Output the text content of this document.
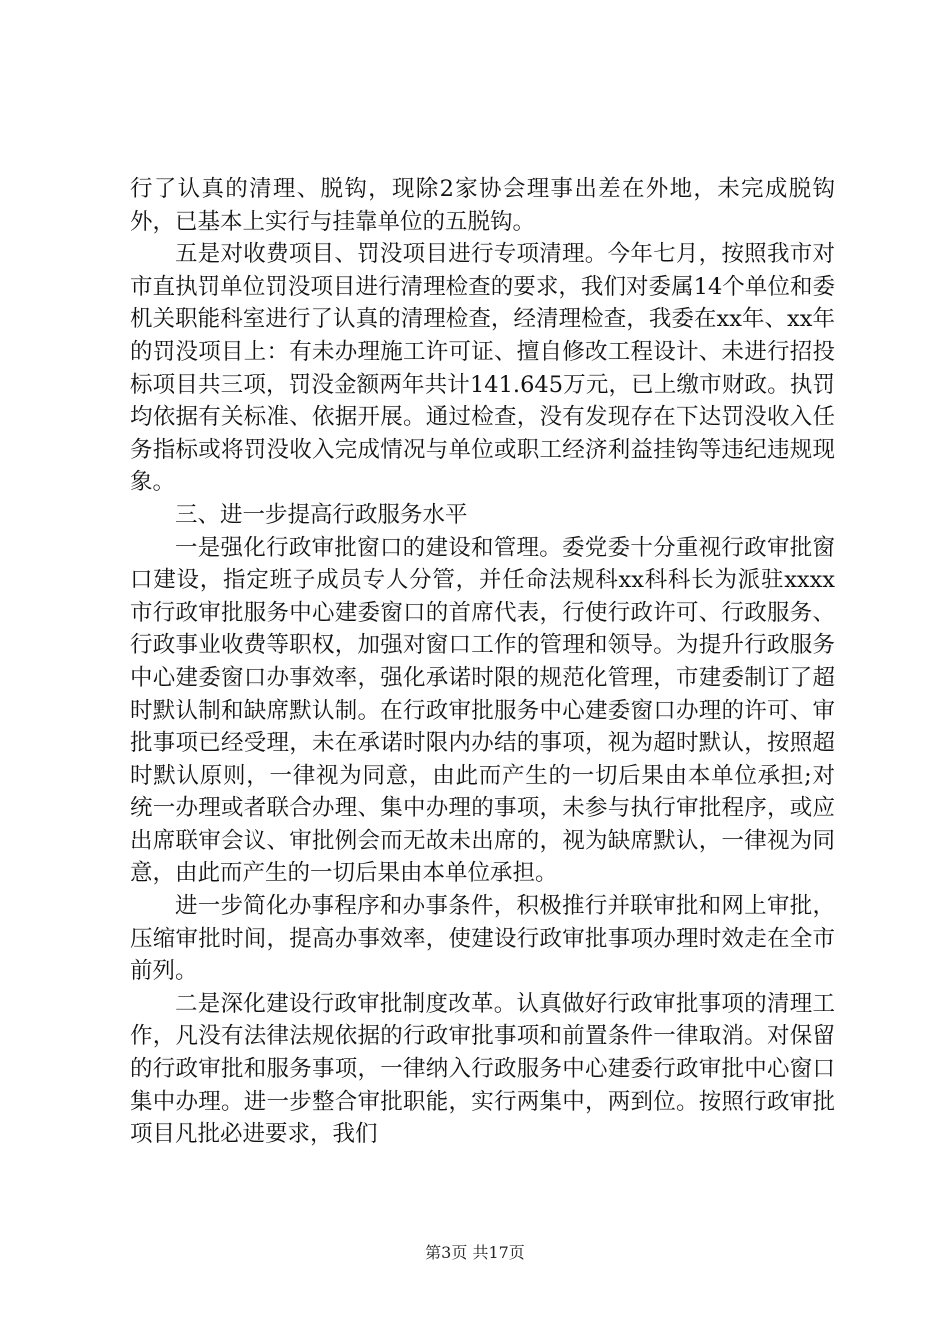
行了认真的清理、脱钩，现除2家协会理事出差在外地，未完成脱钩外，已基本上实行与挂靠单位的五脱钩。

五是对收费项目、罚没项目进行专项清理。今年七月，按照我市对市直执罚单位罚没项目进行清理检查的要求，我们对委属14个单位和委机关职能科室进行了认真的清理检查，经清理检查，我委在xx年、xx年的罚没项目上：有未办理施工许可证、擅自修改工程设计、未进行招投标项目共三项，罚没金额两年共计141.645万元，已上缴市财政。执罚均依据有关标准、依据开展。通过检查，没有发现存在下达罚没收入任务指标或将罚没收入完成情况与单位或职工经济利益挂钩等违纪违规现象。

三、进一步提高行政服务水平

一是强化行政审批窗口的建设和管理。委党委十分重视行政审批窗口建设，指定班子成员专人分管，并任命法规科xx科科长为派驻xxxx市行政审批服务中心建委窗口的首席代表，行使行政许可、行政服务、行政事业收费等职权，加强对窗口工作的管理和领导。为提升行政服务中心建委窗口办事效率，强化承诺时限的规范化管理，市建委制订了超时默认制和缺席默认制。在行政审批服务中心建委窗口办理的许可、审批事项已经受理，未在承诺时限内办结的事项，视为超时默认，按照超时默认原则，一律视为同意，由此而产生的一切后果由本单位承担;对统一办理或者联合办理、集中办理的事项，未参与执行审批程序，或应出席联审会议、审批例会而无故未出席的，视为缺席默认，一律视为同意，由此而产生的一切后果由本单位承担。

进一步简化办事程序和办事条件，积极推行并联审批和网上审批，压缩审批时间，提高办事效率，使建设行政审批事项办理时效走在全市前列。

二是深化建设行政审批制度改革。认真做好行政审批事项的清理工作，凡没有法律法规依据的行政审批事项和前置条件一律取消。对保留的行政审批和服务事项，一律纳入行政服务中心建委行政审批中心窗口集中办理。进一步整合审批职能，实行两集中，两到位。按照行政审批项目凡批必进要求，我们

第3页 共17页
